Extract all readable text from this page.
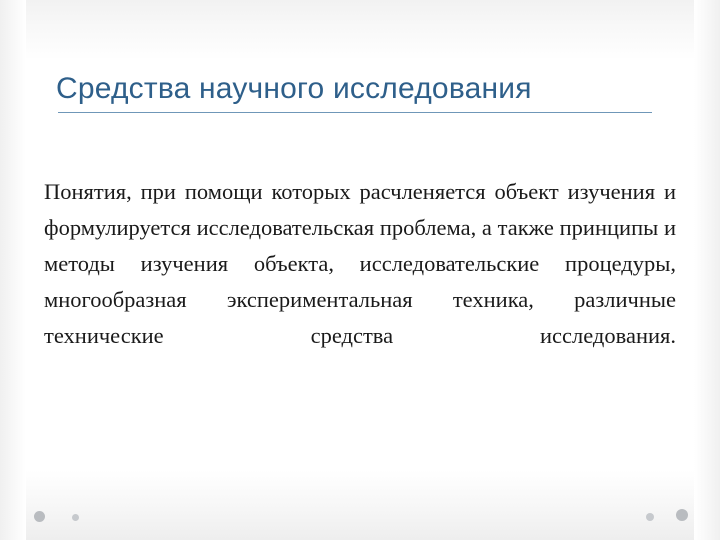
Средства научного исследования
Понятия, при помощи которых расчленяется объект изучения и формулируется исследовательская проблема, а также принципы и методы изучения объекта, исследовательские процедуры, многообразная экспериментальная техника, различные технические средства исследования.
